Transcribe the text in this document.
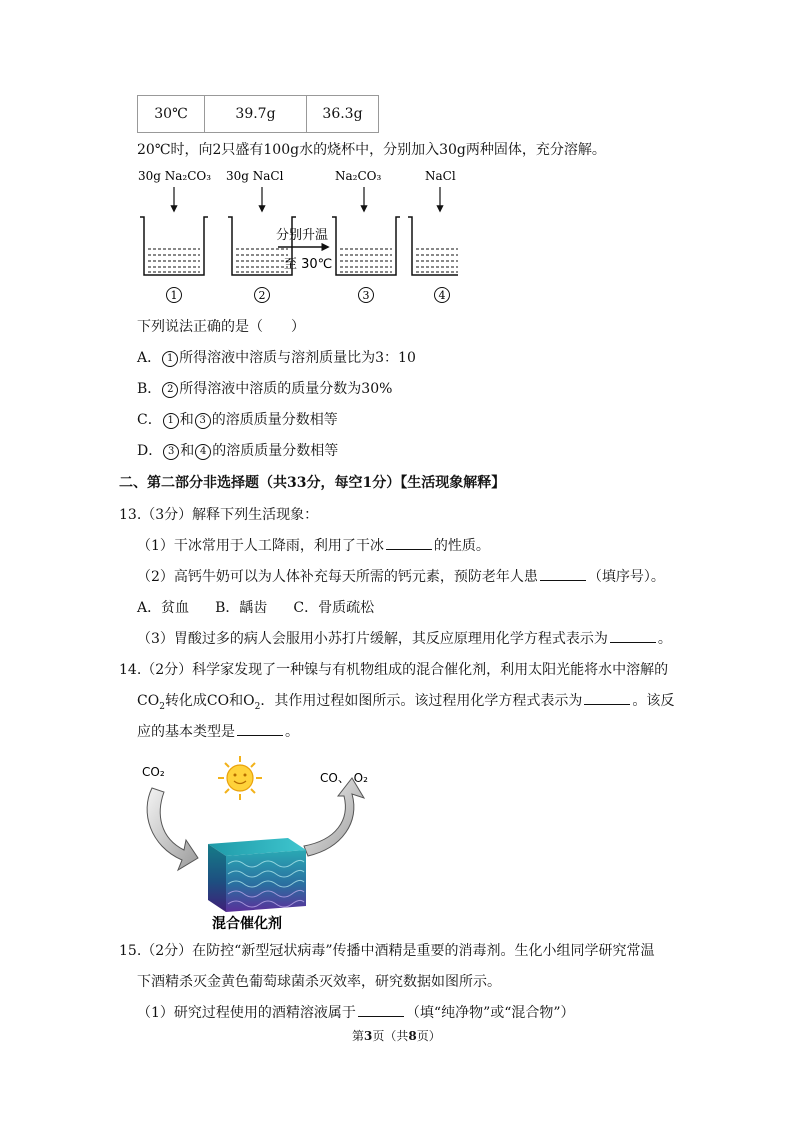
30℃	39.7g	36.3g
20℃时，向2只盛有100g水的烧杯中，分别加入30g两种固体，充分溶解。
30g Na₂CO₃ 30g NaCl	Na₂CO₃	NaCl
分别升温
至 30℃
1	2	3	4
下列说法正确的是（　　）
A． 1 所得溶液中溶质与溶剂质量比为3：10
B． 2 所得溶液中溶质的质量分数为30%
C． 1 和 3 的溶质质量分数相等
D． 3 和 4 的溶质质量分数相等
二、第二部分非选择题（共33分，每空1分）【生活现象解释】
13.（3分）解释下列生活现象：
（1）干冰常用于人工降雨，利用了干冰	的性质。
（2）高钙牛奶可以为人体补充每天所需的钙元素，预防老年人患	（填序号）。
A．贫血 B．龋齿 C．骨质疏松
（3）胃酸过多的病人会服用小苏打片缓解，其反应原理用化学方程式表示为	。
14.（2分）科学家发现了一种镍与有机物组成的混合催化剂，利用太阳光能将水中溶解的
$CO_2$转化成CO和$O_2$．其作用过程如图所示。该过程用化学方程式表示为	。该反
应的基本类型是	。
CO₂	CO、 O₂
混合催化剂
15.（2分）在防控“新型冠状病毒”传播中酒精是重要的消毒剂。生化小组同学研究常温
下酒精杀灭金黄色葡萄球菌杀灭效率，研究数据如图所示。
（1）研究过程使用的酒精溶液属于	（填“纯净物”或“混合物”）
第3页（共8页）
